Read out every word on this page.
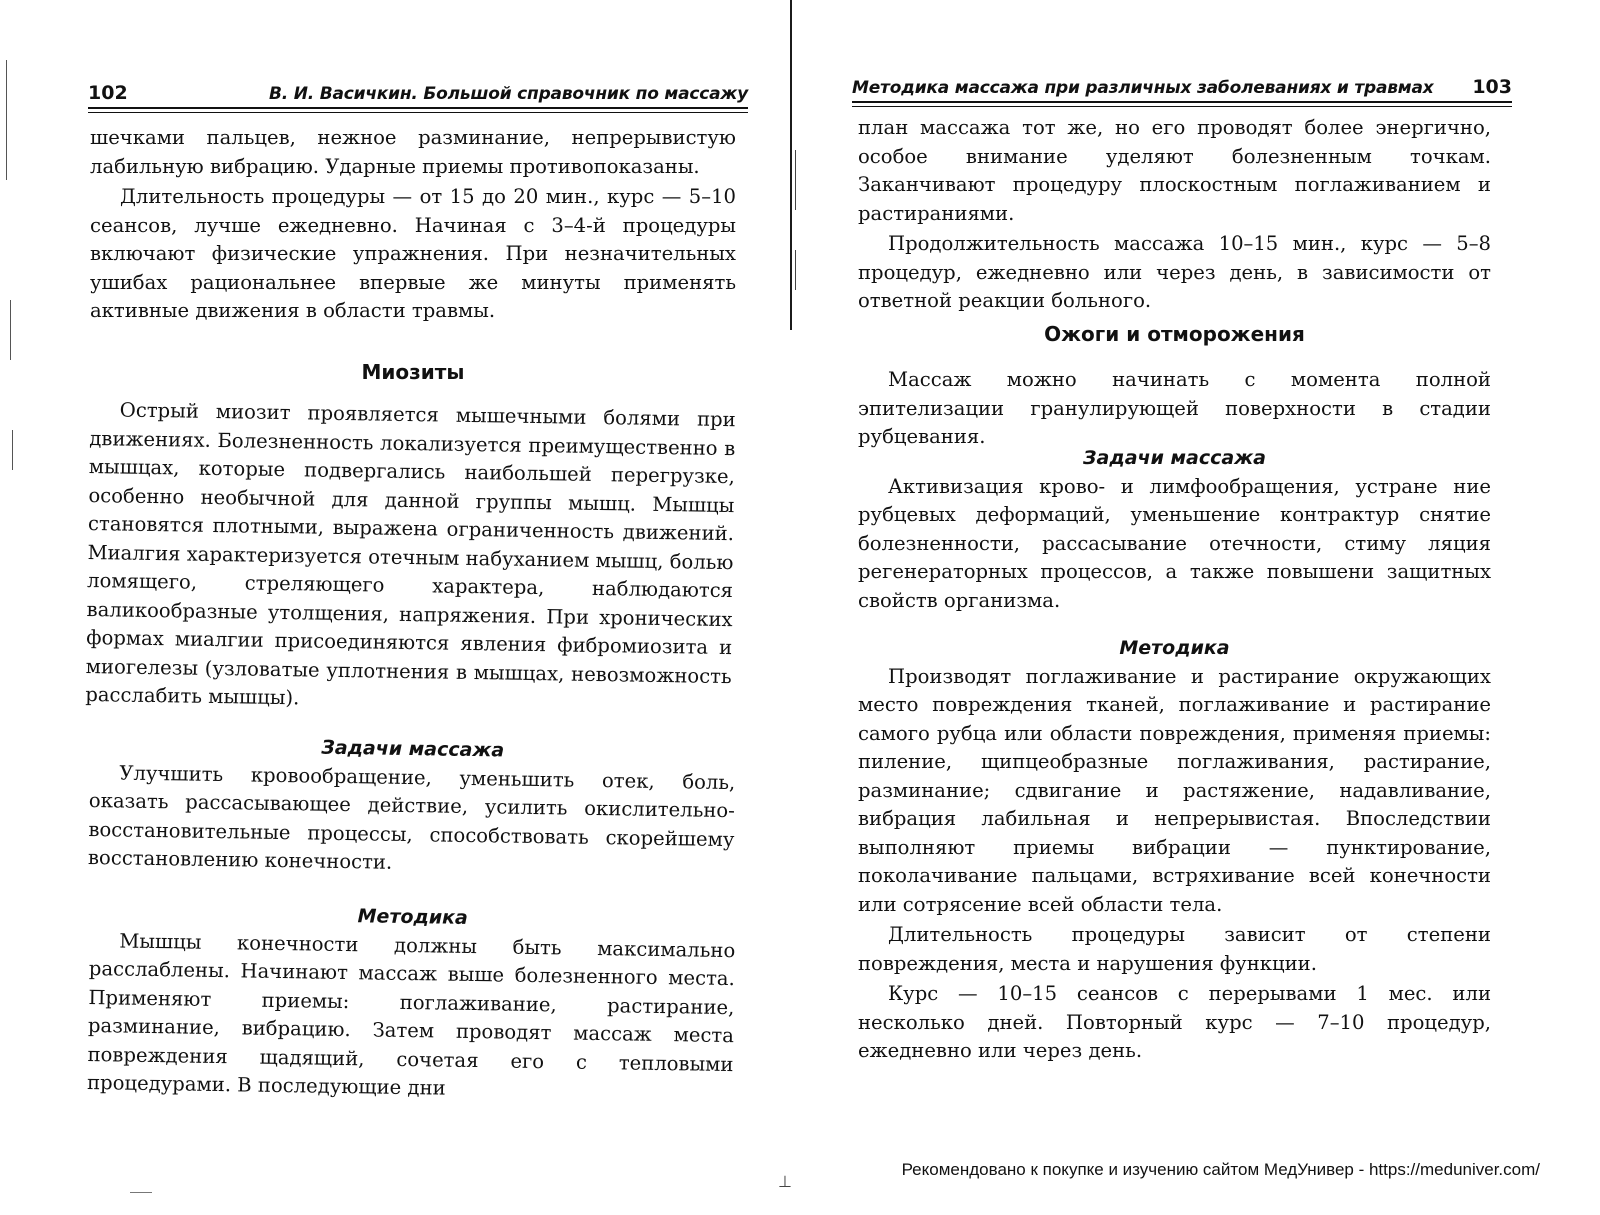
102	В. И. Васичкин. Большой справочник по массажу

шечками пальцев, нежное разминание, непрерывистую лабильную вибрацию. Ударные приемы противопоказаны.

Длительность процедуры — от 15 до 20 мин., курс — 5–10 сеансов, лучше ежедневно. Начиная с 3–4-й процедуры включают физические упражнения. При незначительных ушибах рациональнее впервые же минуты применять активные движения в области травмы.

Миозиты

Острый миозит проявляется мышечными болями при движениях. Болезненность локализуется преимущественно в мышцах, которые подвергались наибольшей перегрузке, особенно необычной для данной группы мышц. Мышцы становятся плотными, выражена ограниченность движений. Миалгия характеризуется отечным набуханием мышц, болью ломящего, стреляющего характера, наблюдаются валикообразные утолщения, напряжения. При хронических формах миалгии присоединяются явления фибромиозита и миогелезы (узловатые уплотнения в мышцах, невозможность расслабить мышцы).

Задачи массажа

Улучшить кровообращение, уменьшить отек, боль, оказать рассасывающее действие, усилить окислительно-восстановительные процессы, способствовать скорейшему восстановлению конечности.

Методика

Мышцы конечности должны быть максимально расслаблены. Начинают массаж выше болезненного места. Применяют приемы: поглаживание, растирание, разминание, вибрацию. Затем проводят массаж места повреждения щадящий, сочетая его с тепловыми процедурами. В последующие дни

Методика массажа при различных заболеваниях и травмах 103

план массажа тот же, но его проводят более энергично, особое внимание уделяют болезненным точкам. Заканчивают процедуру плоскостным поглаживанием и растираниями.

Продолжительность массажа 10–15 мин., курс — 5–8 процедур, ежедневно или через день, в зависимости от ответной реакции больного.

Ожоги и отморожения

Массаж можно начинать с момента полной эпителизации гранулирующей поверхности в стадии рубцевания.

Задачи массажа

Активизация крово- и лимфообращения, устране ние рубцевых деформаций, уменьшение контрактур снятие болезненности, рассасывание отечности, стиму ляция регенераторных процессов, а также повышени защитных свойств организма.

Методика

Производят поглаживание и растирание окружающих место повреждения тканей, поглаживание и растирание самого рубца или области повреждения, применяя приемы: пиление, щипцеобразные поглаживания, растирание, разминание; сдвигание и растяжение, надавливание, вибрация лабильная и непрерывистая. Впоследствии выполняют приемы вибрации — пунктирование, поколачивание пальцами, встряхивание всей конечности или сотрясение всей области тела.

Длительность процедуры зависит от степени повреждения, места и нарушения функции.

Курс — 10–15 сеансов с перерывами 1 мес. или несколько дней. Повторный курс — 7–10 процедур, ежедневно или через день.

⊥
Рекомендовано к покупке и изучению сайтом МедУнивер - https://meduniver.com/
